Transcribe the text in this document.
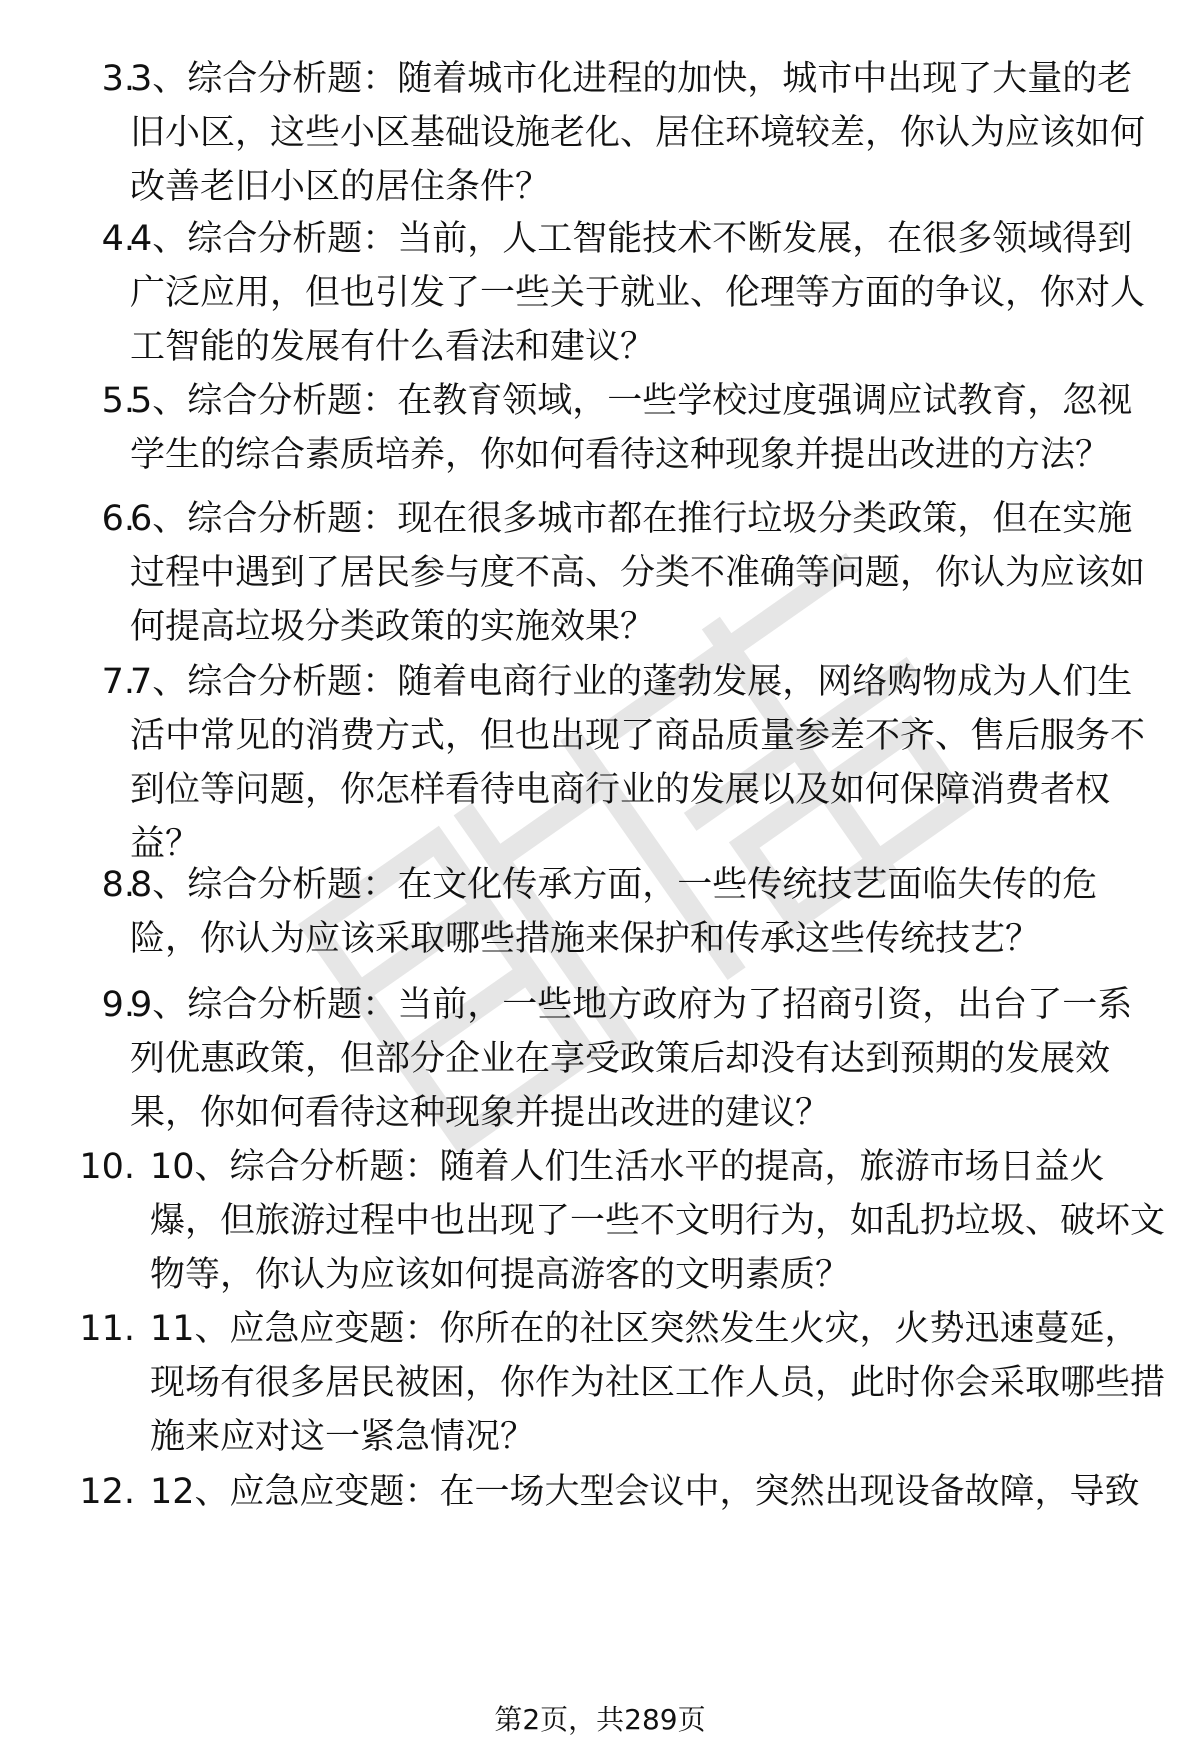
3.

3、综合分析题：随着城市化进程的加快，城市中出现了大量的老旧小区，这些小区基础设施老化、居住环境较差，你认为应该如何改善老旧小区的居住条件？

4.

4、综合分析题：当前，人工智能技术不断发展，在很多领域得到广泛应用，但也引发了一些关于就业、伦理等方面的争议，你对人工智能的发展有什么看法和建议？

5.

5、综合分析题：在教育领域，一些学校过度强调应试教育，忽视学生的综合素质培养，你如何看待这种现象并提出改进的方法？

6.

6、综合分析题：现在很多城市都在推行垃圾分类政策，但在实施过程中遇到了居民参与度不高、分类不准确等问题，你认为应该如何提高垃圾分类政策的实施效果？

7.

7、综合分析题：随着电商行业的蓬勃发展，网络购物成为人们生活中常见的消费方式，但也出现了商品质量参差不齐、售后服务不到位等问题，你怎样看待电商行业的发展以及如何保障消费者权益？

8.

8、综合分析题：在文化传承方面，一些传统技艺面临失传的危险，你认为应该采取哪些措施来保护和传承这些传统技艺？

9.

9、综合分析题：当前，一些地方政府为了招商引资，出台了一系列优惠政策，但部分企业在享受政策后却没有达到预期的发展效果，你如何看待这种现象并提出改进的建议？

10. 10、综合分析题：随着人们生活水平的提高，旅游市场日益火爆，但旅游过程中也出现了一些不文明行为，如乱扔垃圾、破坏文物等，你认为应该如何提高游客的文明素质？

11. 11、应急应变题：你所在的社区突然发生火灾，火势迅速蔓延，现场有很多居民被困，你作为社区工作人员，此时你会采取哪些措施来应对这一紧急情况？

12. 12、应急应变题：在一场大型会议中，突然出现设备故障，导致

第2页，共289页
